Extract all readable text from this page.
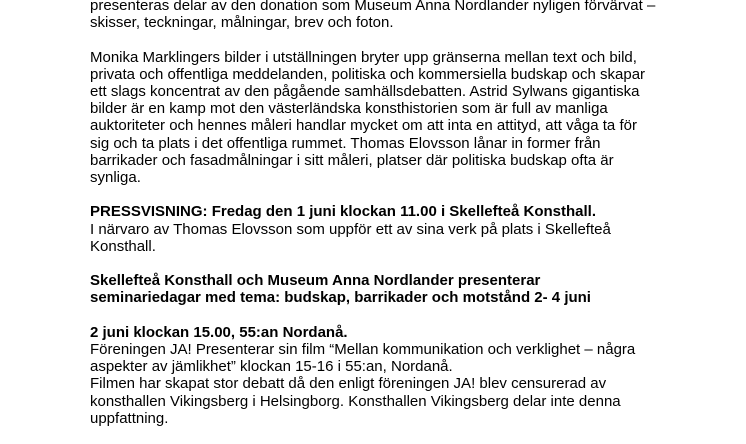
presenteras delar av den donation som Museum Anna Nordlander nyligen förvärvat –
skisser, teckningar, målningar, brev och foton.
Monika Marklingers bilder i utställningen bryter upp gränserna mellan text och bild,
privata och offentliga meddelanden, politiska och kommersiella budskap och skapar
ett slags koncentrat av den pågående samhällsdebatten. Astrid Sylwans gigantiska
bilder är en kamp mot den västerländska konsthistorien som är full av manliga
auktoriteter och hennes måleri handlar mycket om att inta en attityd, att våga ta för
sig och ta plats i det offentliga rummet. Thomas Elovsson lånar in former från
barrikader och fasadmålningar i sitt måleri, platser där politiska budskap ofta är
synliga.
PRESSVISNING: Fredag den 1 juni klockan 11.00 i Skellefteå Konsthall.
I närvaro av Thomas Elovsson som uppför ett av sina verk på plats i Skellefteå
Konsthall.
Skellefteå Konsthall och Museum Anna Nordlander presenterar
seminariedagar med tema: budskap, barrikader och motstånd 2- 4 juni
2 juni klockan 15.00, 55:an Nordanå.
Föreningen JA! Presenterar sin film “Mellan kommunikation och verklighet – några
aspekter av jämlikhet” klockan 15-16 i 55:an, Nordanå.
Filmen har skapat stor debatt då den enligt föreningen JA! blev censurerad av
konsthallen Vikingsberg i Helsingborg. Konsthallen Vikingsberg delar inte denna
uppfattning.
